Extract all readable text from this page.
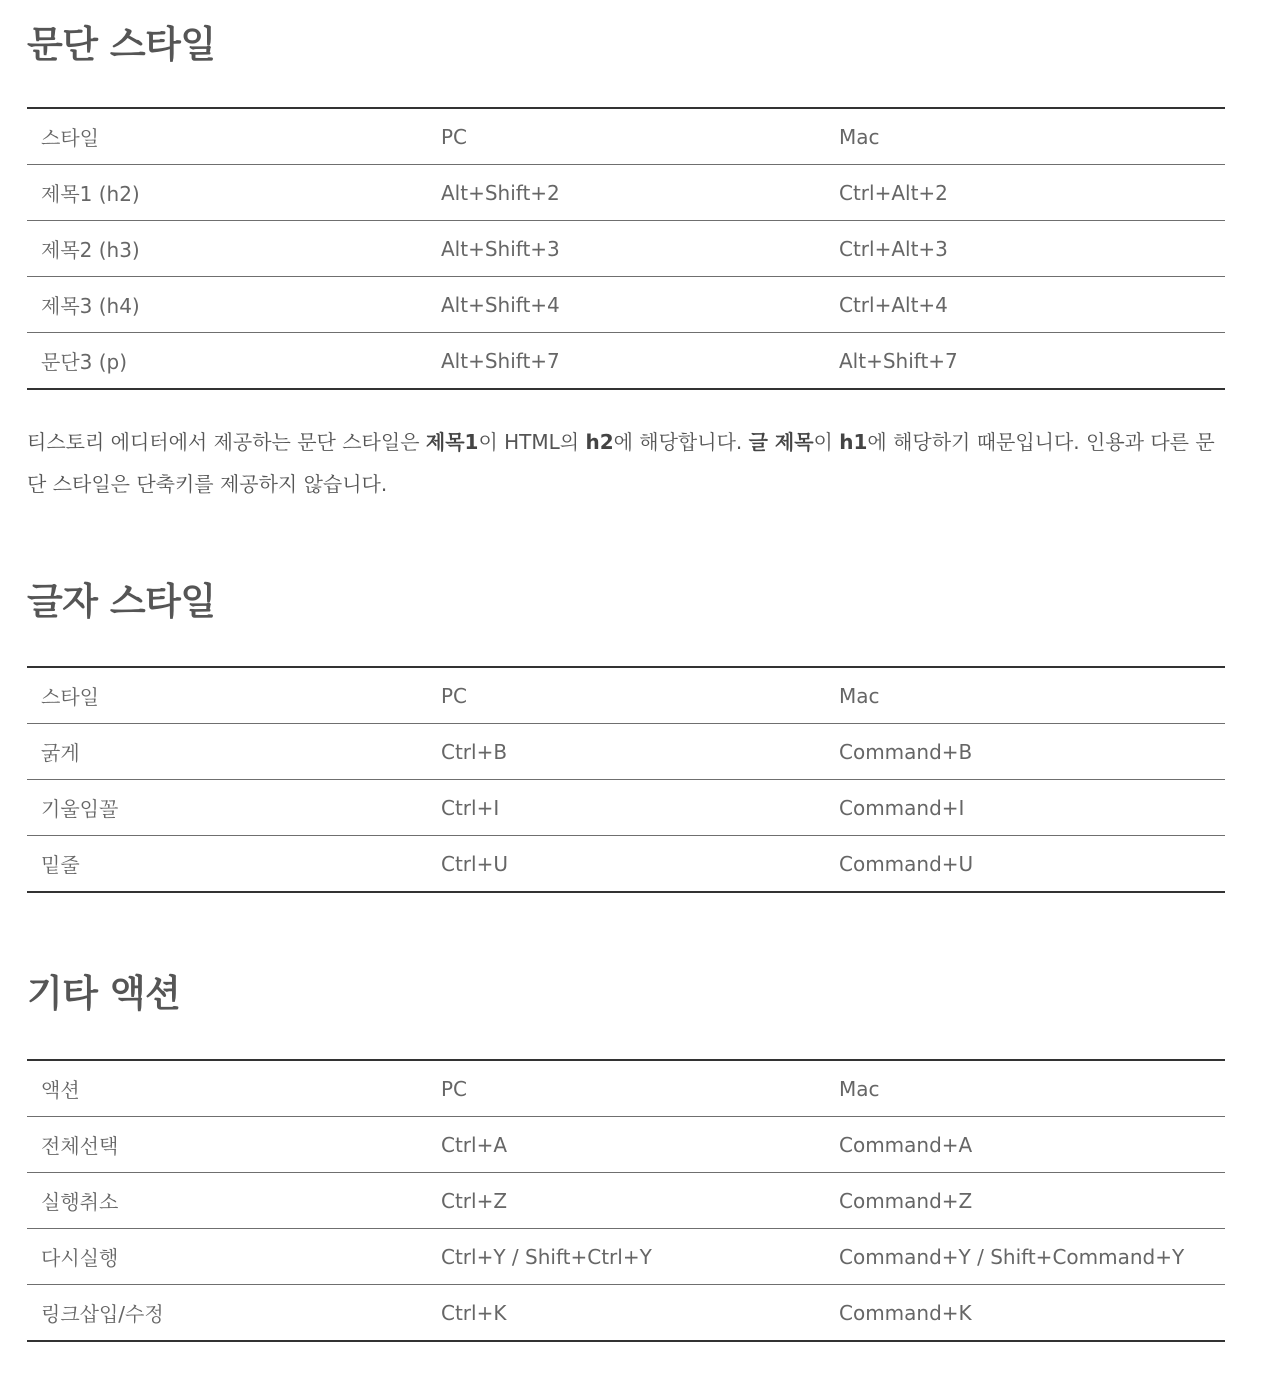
문단 스타일
스타일	PC	Mac
제목1 (h2)	Alt+Shift+2	Ctrl+Alt+2
제목2 (h3)	Alt+Shift+3	Ctrl+Alt+3
제목3 (h4)	Alt+Shift+4	Ctrl+Alt+4
문단3 (p)	Alt+Shift+7	Alt+Shift+7

티스토리 에디터에서 제공하는 문단 스타일은 제목1이 HTML의 h2에 해당합니다. 글 제목이 h1에 해당하기 때문입니다. 인용과 다른 문단 스타일은 단축키를 제공하지 않습니다.

글자 스타일
스타일	PC	Mac
굵게	Ctrl+B	Command+B
기울임꼴	Ctrl+I	Command+I
밑줄	Ctrl+U	Command+U
기타 액션
액션	PC	Mac
전체선택	Ctrl+A	Command+A
실행취소	Ctrl+Z	Command+Z
다시실행	Ctrl+Y / Shift+Ctrl+Y	Command+Y / Shift+Command+Y
링크삽입/수정	Ctrl+K	Command+K
